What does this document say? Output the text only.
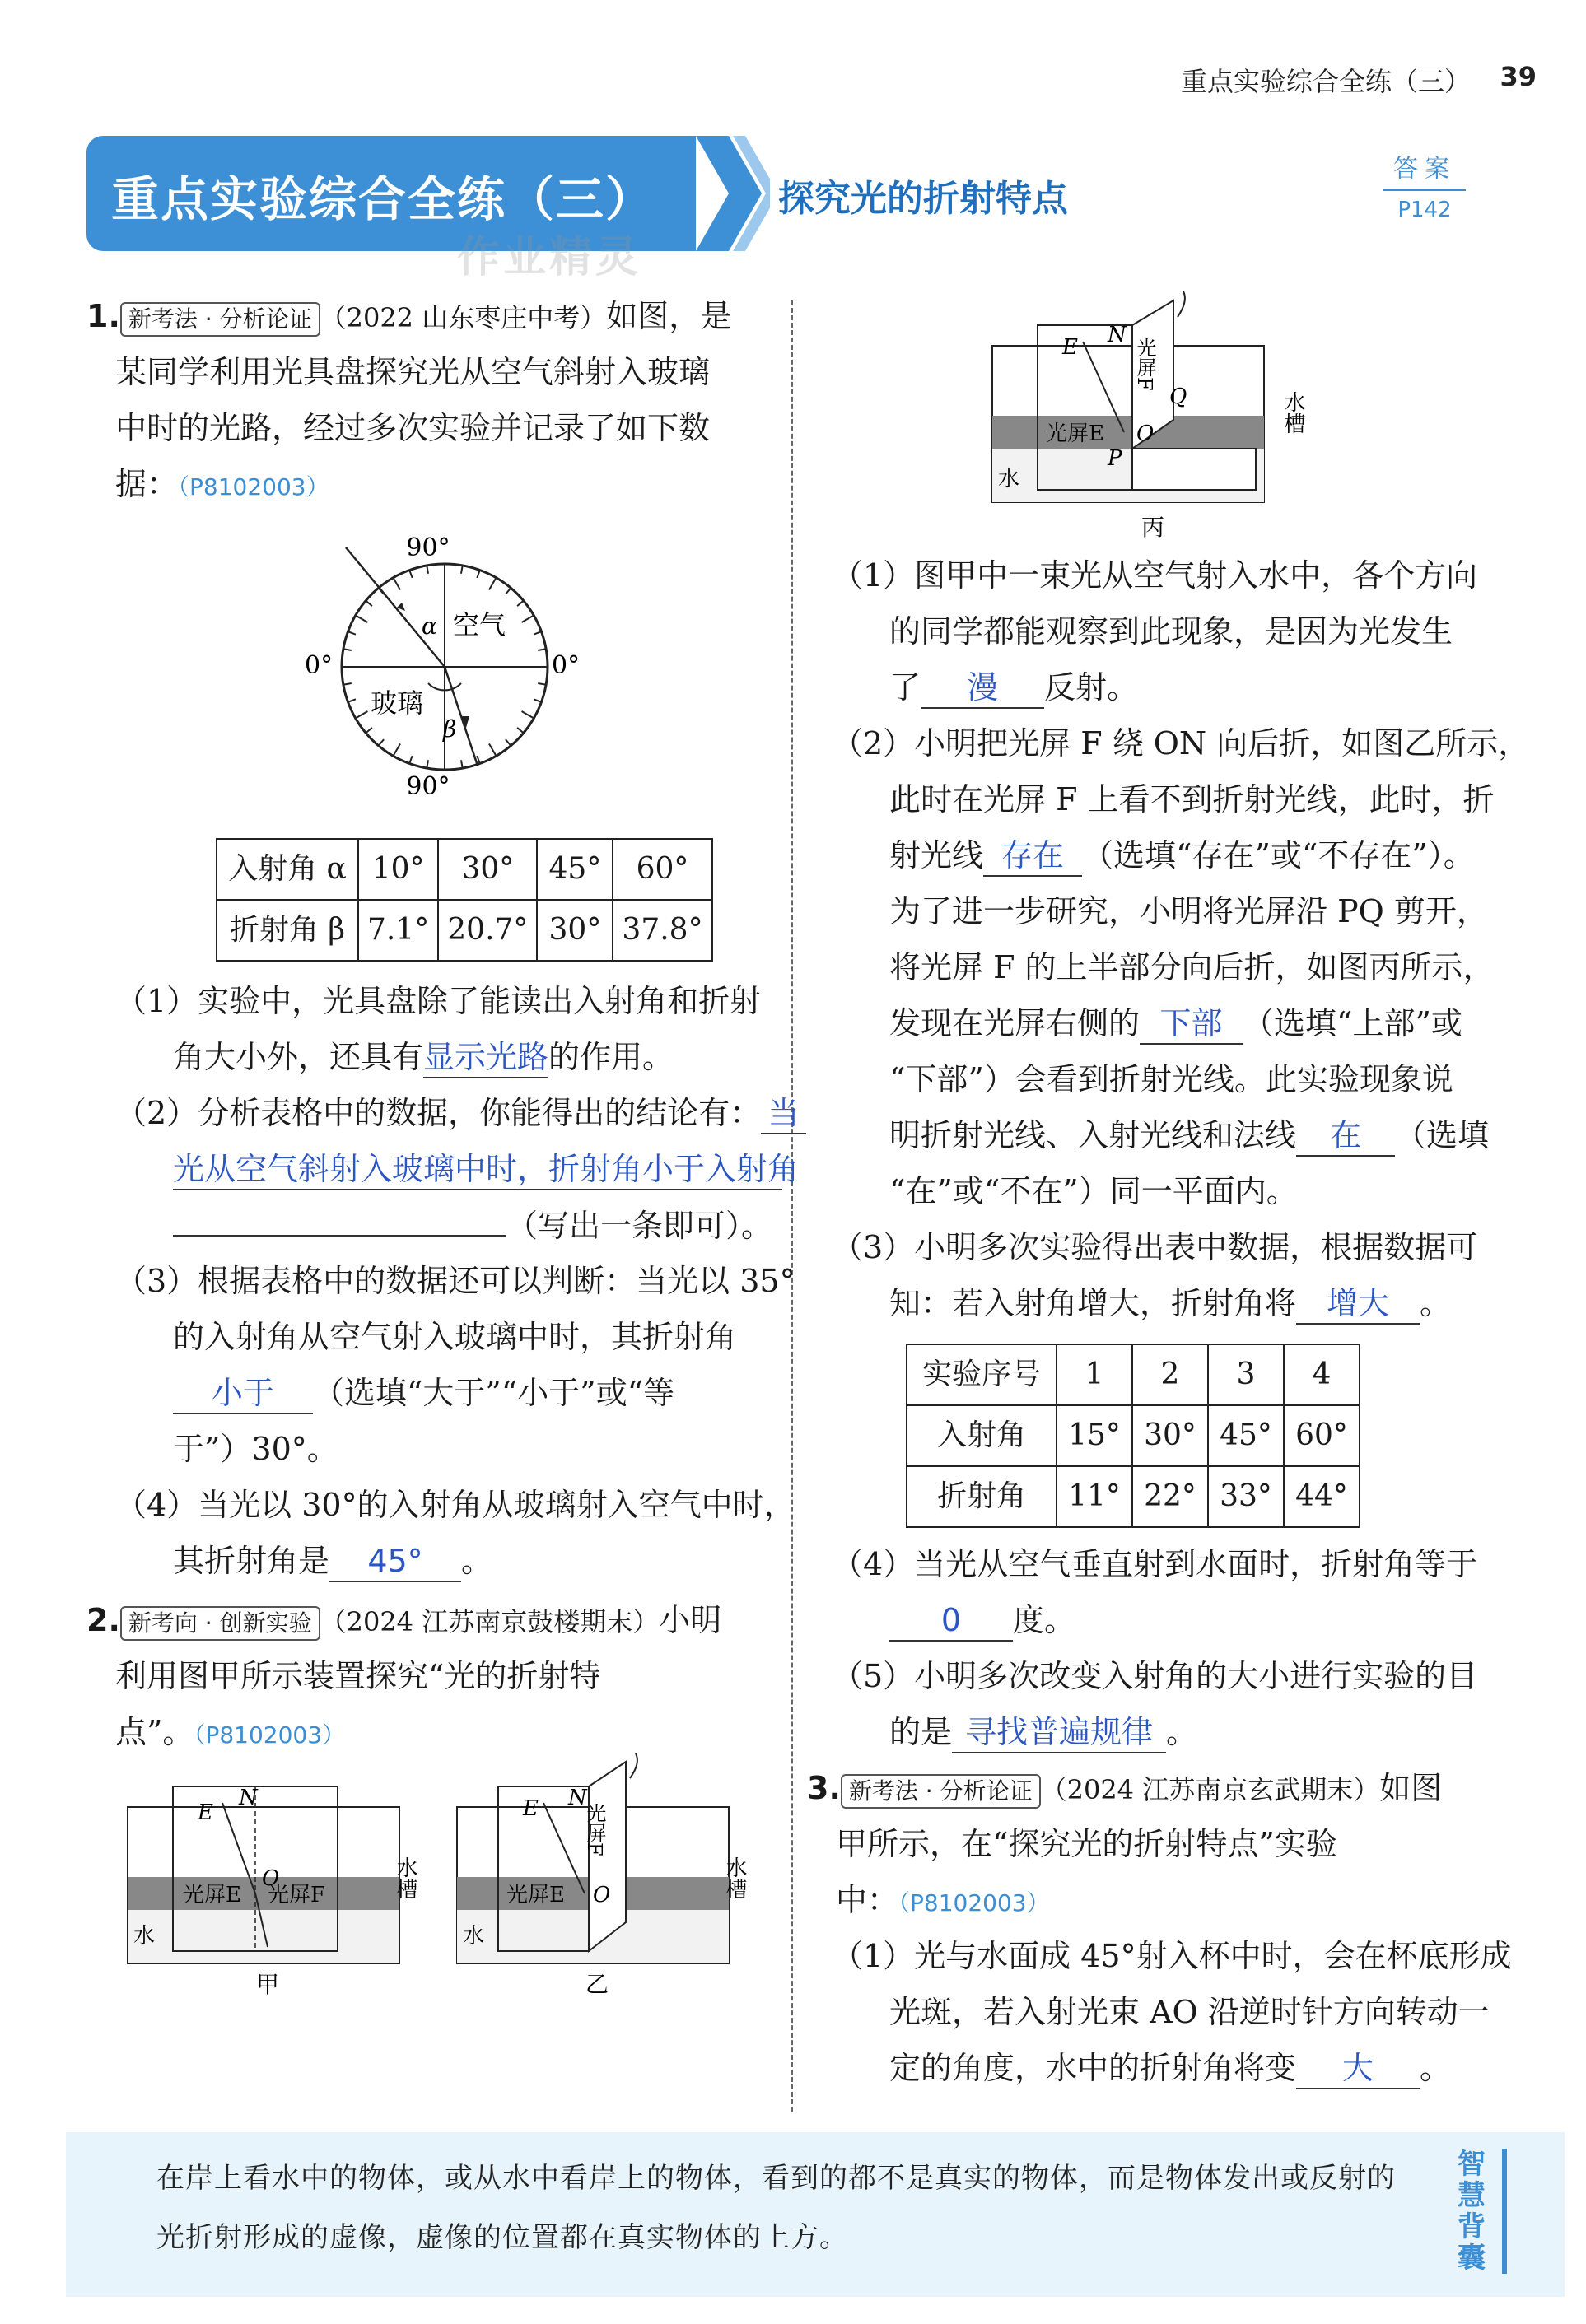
重点实验综合全练（三） 39
重点实验综合全练（三）	探究光的折射特点
答案
P142
作业精灵
1. 新考法 · 分析论证 （2022 山东枣庄中考）如图，是
某同学利用光具盘探究光从空气斜射入玻璃
中时的光路，经过多次实验并记录了如下数
据：（P8102003）
90°
90°
0°	0°
空气
玻璃
α
β
入射角 α	10°	30°	45°	60°
折射角 β	7.1°	20.7°	30°	37.8°
（1）实验中，光具盘除了能读出入射角和折射
角大小外，还具有显示光路的作用。
（2）分析表格中的数据，你能得出的结论有： 当
光从空气斜射入玻璃中时，折射角小于入射角
（写出一条即可）。
（3）根据表格中的数据还可以判断：当光以 35°
的入射角从空气射入玻璃中时，其折射角
小于 （选填“大于”“小于”或“等
于”）30°。
（4）当光以 30°的入射角从玻璃射入空气中时，
其折射角是 45° 。
2. 新考向 · 创新实验 （2024 江苏南京鼓楼期末）小明
利用图甲所示装置探究“光的折射特
点”。（P8102003）
E
N
O
光屏E 光屏F
水
水槽
甲
E N
O
光屏E
光屏F
水
水槽
乙
E N
O
Q
P
光屏E
光屏F
水
水槽
丙
（1）图甲中一束光从空气射入水中，各个方向
的同学都能观察到此现象，是因为光发生
了 漫 反射。
（2）小明把光屏 F 绕 ON 向后折，如图乙所示，
此时在光屏 F 上看不到折射光线，此时，折
射光线 存在 （选填“存在”或“不存在”）。
为了进一步研究，小明将光屏沿 PQ 剪开，
将光屏 F 的上半部分向后折，如图丙所示，
发现在光屏右侧的 下部 （选填“上部”或
“下部”）会看到折射光线。此实验现象说
明折射光线、入射光线和法线 在 （选填
“在”或“不在”）同一平面内。
（3）小明多次实验得出表中数据，根据数据可
知：若入射角增大，折射角将 增大 。
实验序号	1	2	3	4
入射角	15°	30°	45°	60°
折射角	11°	22°	33°	44°
（4）当光从空气垂直射到水面时，折射角等于
0 度。
（5）小明多次改变入射角的大小进行实验的目
的是 寻找普遍规律 。
3. 新考法 · 分析论证 （2024 江苏南京玄武期末）如图
甲所示，在“探究光的折射特点”实验
中：（P8102003）
（1）光与水面成 45°射入杯中时，会在杯底形成
光斑，若入射光束 AO 沿逆时针方向转动一
定的角度，水中的折射角将变 大 。
在岸上看水中的物体，或从水中看岸上的物体，看到的都不是真实的物体，而是物体发出或反射的
光折射形成的虚像，虚像的位置都在真实物体的上方。
智慧背囊
